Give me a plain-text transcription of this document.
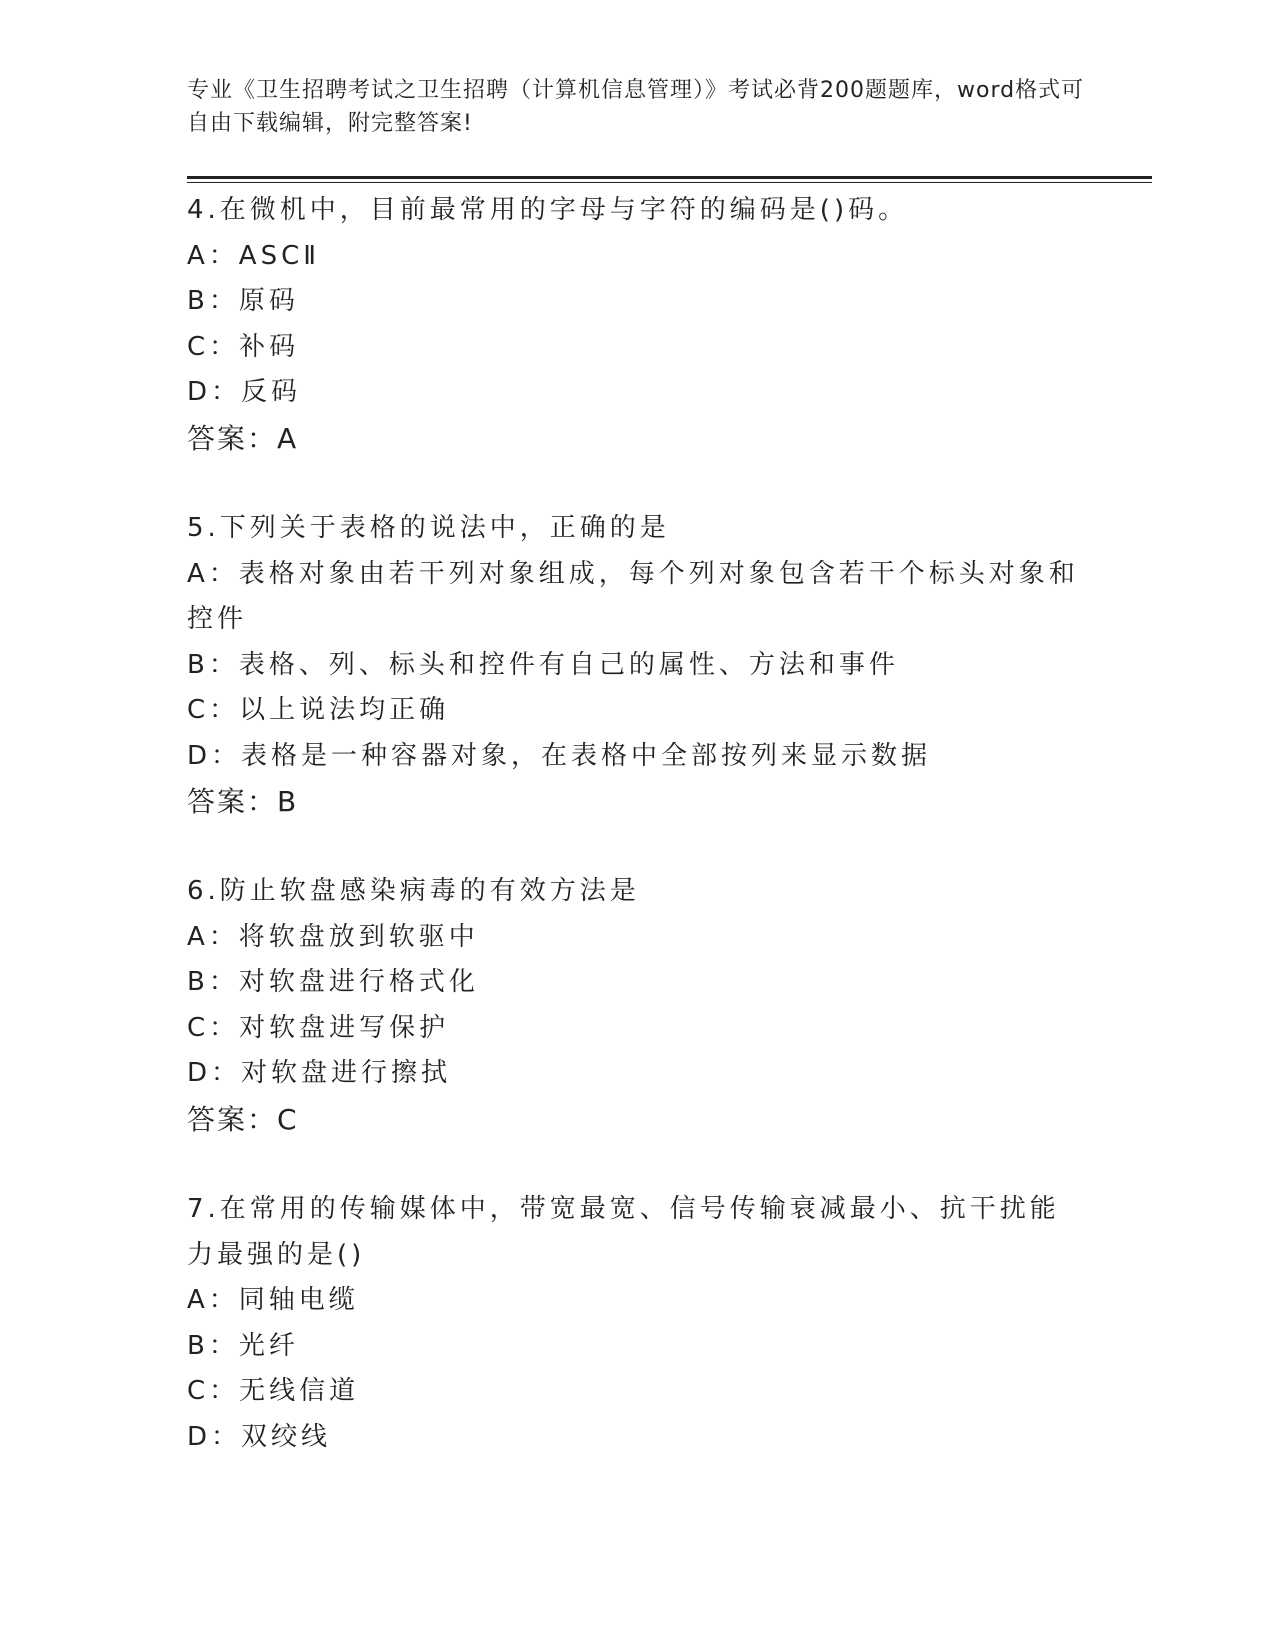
专业《卫生招聘考试之卫生招聘（计算机信息管理）》考试必背200题题库，word格式可自由下载编辑，附完整答案!
4.在微机中，目前最常用的字母与字符的编码是()码。
A：ASCⅡ
B：原码
C：补码
D：反码
答案：A
5.下列关于表格的说法中，正确的是
A：表格对象由若干列对象组成，每个列对象包含若干个标头对象和控件
B：表格、列、标头和控件有自己的属性、方法和事件
C：以上说法均正确
D：表格是一种容器对象，在表格中全部按列来显示数据
答案：B
6.防止软盘感染病毒的有效方法是
A：将软盘放到软驱中
B：对软盘进行格式化
C：对软盘进写保护
D：对软盘进行擦拭
答案：C
7.在常用的传输媒体中，带宽最宽、信号传输衰减最小、抗干扰能力最强的是()
A：同轴电缆
B：光纤
C：无线信道
D：双绞线
